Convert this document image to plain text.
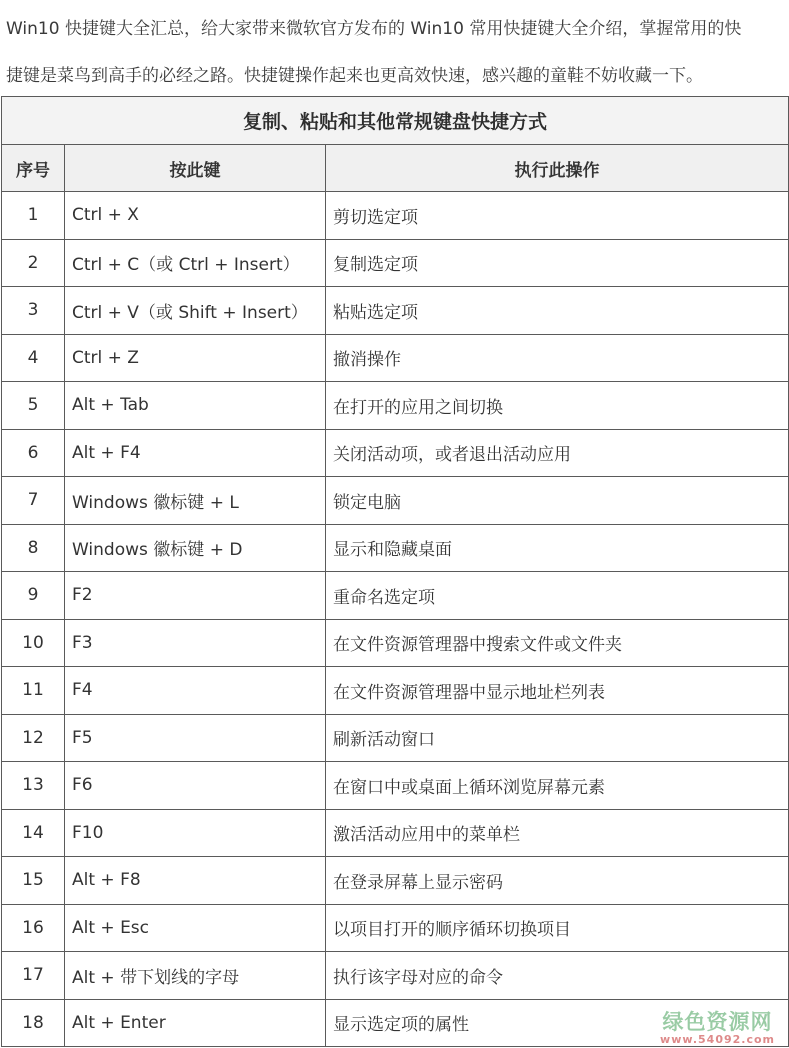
Win10 快捷键大全汇总，给大家带来微软官方发布的 Win10 常用快捷键大全介绍，掌握常用的快
捷键是菜鸟到高手的必经之路。快捷键操作起来也更高效快速，感兴趣的童鞋不妨收藏一下。
复制、粘贴和其他常规键盘快捷方式		
序号	按此键	执行此操作
1	Ctrl + X	剪切选定项
2	Ctrl + C（或 Ctrl + Insert）	复制选定项
3	Ctrl + V（或 Shift + Insert）	粘贴选定项
4	Ctrl + Z	撤消操作
5	Alt + Tab	在打开的应用之间切换
6	Alt + F4	关闭活动项，或者退出活动应用
7	Windows 徽标键 + L	锁定电脑
8	Windows 徽标键 + D	显示和隐藏桌面
9	F2	重命名选定项
10	F3	在文件资源管理器中搜索文件或文件夹
11	F4	在文件资源管理器中显示地址栏列表
12	F5	刷新活动窗口
13	F6	在窗口中或桌面上循环浏览屏幕元素
14	F10	激活活动应用中的菜单栏
15	Alt + F8	在登录屏幕上显示密码
16	Alt + Esc	以项目打开的顺序循环切换项目
17	Alt + 带下划线的字母	执行该字母对应的命令
18	Alt + Enter	显示选定项的属性	绿色资源网
www.54092.com
